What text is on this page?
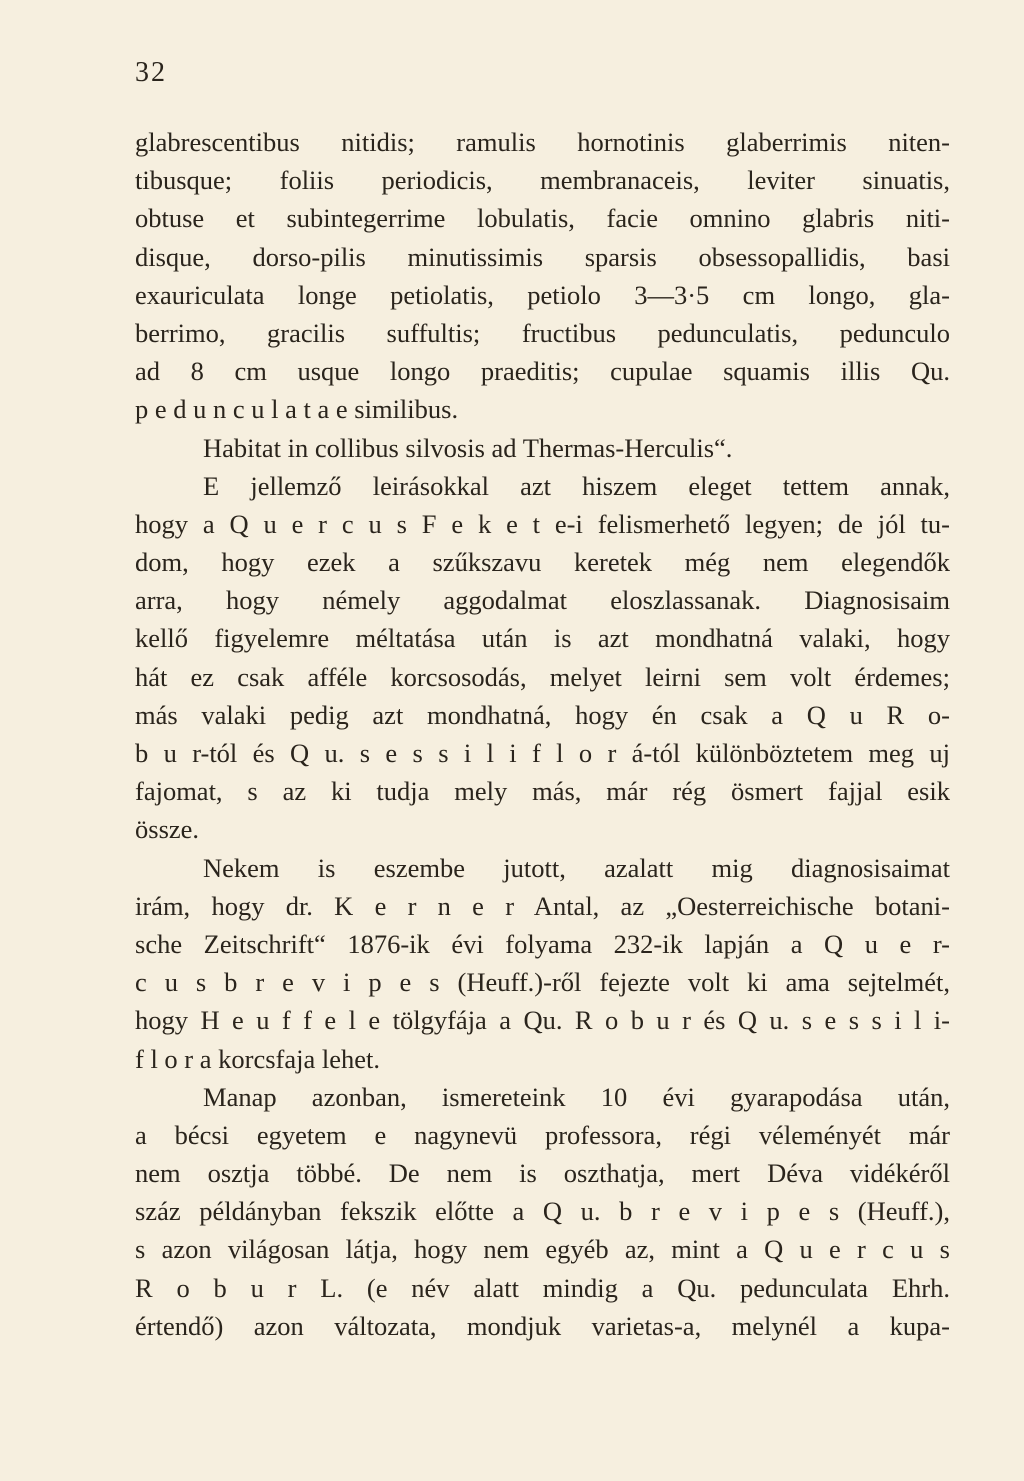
32
glabrescentibus nitidis; ramulis hornotinis glaberrimis niten-
tibusque; foliis periodicis, membranaceis, leviter sinuatis,
obtuse et subintegerrime lobulatis, facie omnino glabris niti-
disque, dorso-pilis minutissimis sparsis obsessopallidis, basi
exauriculata longe petiolatis, petiolo 3—3·5 cm longo, gla-
berrimo, gracilis suffultis; fructibus pedunculatis, pedunculo
ad 8 cm usque longo praeditis; cupulae squamis illis Qu.
p e d u n c u l a t a e similibus.
Habitat in collibus silvosis ad Thermas-Herculis“.
E jellemző leirásokkal azt hiszem eleget tettem annak,
hogy a Q u e r c u s F e k e t e-i felismerhető legyen; de jól tu-
dom, hogy ezek a szűkszavu keretek még nem elegendők
arra, hogy némely aggodalmat eloszlassanak. Diagnosisaim
kellő figyelemre méltatása után is azt mondhatná valaki, hogy
hát ez csak afféle korcsosodás, melyet leirni sem volt érdemes;
más valaki pedig azt mondhatná, hogy én csak a Q u R o-
b u r-tól és Q u. s e s s i l i f l o r á-tól különböztetem meg uj
fajomat, s az ki tudja mely más, már rég ösmert fajjal esik
össze.
Nekem is eszembe jutott, azalatt mig diagnosisaimat
irám, hogy dr. K e r n e r Antal, az „Oesterreichische botani-
sche Zeitschrift“ 1876-ik évi folyama 232-ik lapján a Q u e r-
c u s b r e v i p e s (Heuff.)-ről fejezte volt ki ama sejtelmét,
hogy H e u f f e l e tölgyfája a Qu. R o b u r és Q u. s e s s i l i-
f l o r a korcsfaja lehet.
Manap azonban, ismereteink 10 évi gyarapodása után,
a bécsi egyetem e nagynevü professora, régi véleményét már
nem osztja többé. De nem is oszthatja, mert Déva vidékéről
száz példányban fekszik előtte a Q u. b r e v i p e s (Heuff.),
s azon világosan látja, hogy nem egyéb az, mint a Q u e r c u s
R o b u r L. (e név alatt mindig a Qu. pedunculata Ehrh.
értendő) azon változata, mondjuk varietas-a, melynél a kupa-
